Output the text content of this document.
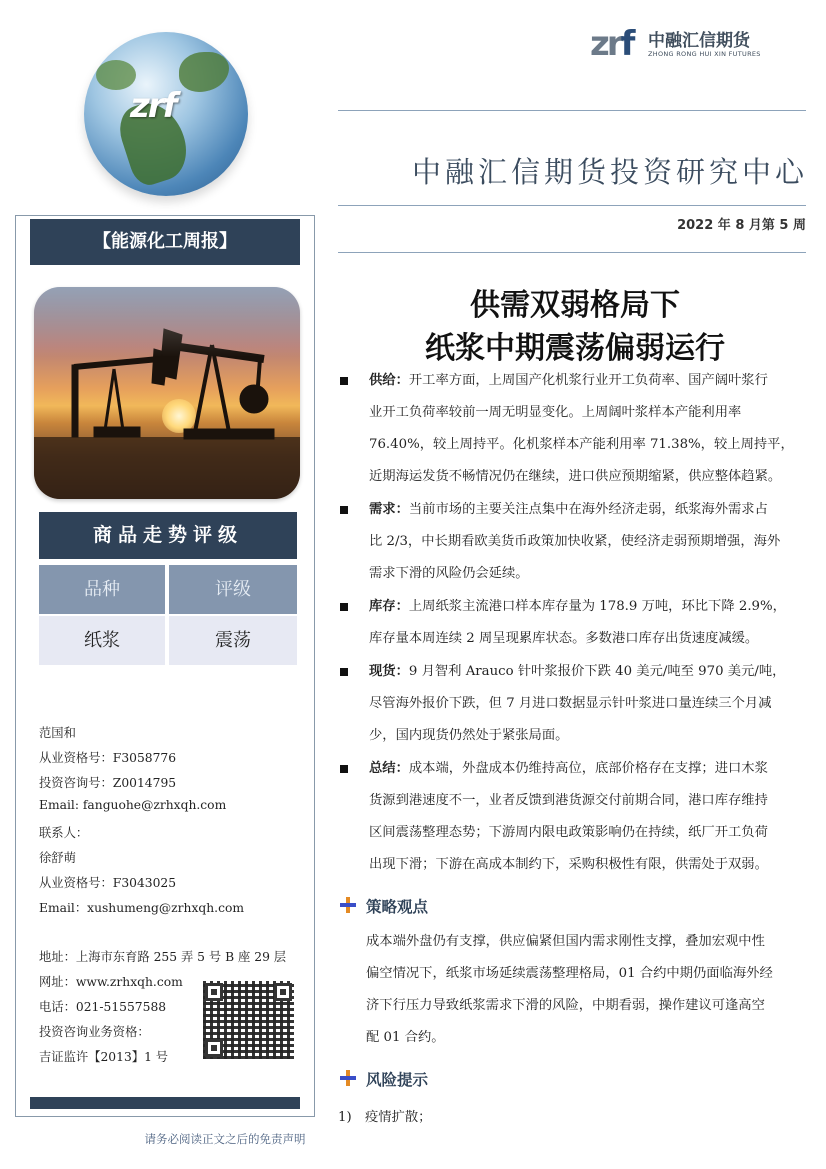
zrf
zrf 中融汇信期货
ZHONG RONG HUI XIN FUTURES
中融汇信期货投资研究中心
2022 年 8 月第 5 周
【能源化工周报】
商品走势评级
品种	评级
纸浆	震荡
范国和
从业资格号：F3058776
投资咨询号：Z0014795
Email: fanguohe@zrhxqh.com
联系人：
徐舒萌
从业资格号：F3043025
Email：xushumeng@zrhxqh.com
地址：上海市东育路 255 弄 5 号 B 座 29 层
网址：www.zrhxqh.com
电话：021-51557588
投资咨询业务资格：
吉证监许【2013】1 号
请务必阅读正文之后的免责声明
供需双弱格局下
纸浆中期震荡偏弱运行
供给：开工率方面，上周国产化机浆行业开工负荷率、国产阔叶浆行
业开工负荷率较前一周无明显变化。上周阔叶浆样本产能利用率
76.40%，较上周持平。化机浆样本产能利用率 71.38%，较上周持平，
近期海运发货不畅情况仍在继续，进口供应预期缩紧，供应整体趋紧。
需求：当前市场的主要关注点集中在海外经济走弱，纸浆海外需求占
比 2/3，中长期看欧美货币政策加快收紧，使经济走弱预期增强，海外
需求下滑的风险仍会延续。
库存：上周纸浆主流港口样本库存量为 178.9 万吨，环比下降 2.9%，
库存量本周连续 2 周呈现累库状态。多数港口库存出货速度减缓。
现货：9 月智利 Arauco 针叶浆报价下跌 40 美元/吨至 970 美元/吨，
尽管海外报价下跌，但 7 月进口数据显示针叶浆进口量连续三个月减
少，国内现货仍然处于紧张局面。
总结：成本端，外盘成本仍维持高位，底部价格存在支撑；进口木浆
货源到港速度不一，业者反馈到港货源交付前期合同，港口库存维持
区间震荡整理态势；下游周内限电政策影响仍在持续，纸厂开工负荷
出现下滑；下游在高成本制约下，采购积极性有限，供需处于双弱。
策略观点
成本端外盘仍有支撑，供应偏紧但国内需求刚性支撑，叠加宏观中性
偏空情况下，纸浆市场延续震荡整理格局，01 合约中期仍面临海外经
济下行压力导致纸浆需求下滑的风险，中期看弱，操作建议可逢高空
配 01 合约。
风险提示
1)　疫情扩散；
